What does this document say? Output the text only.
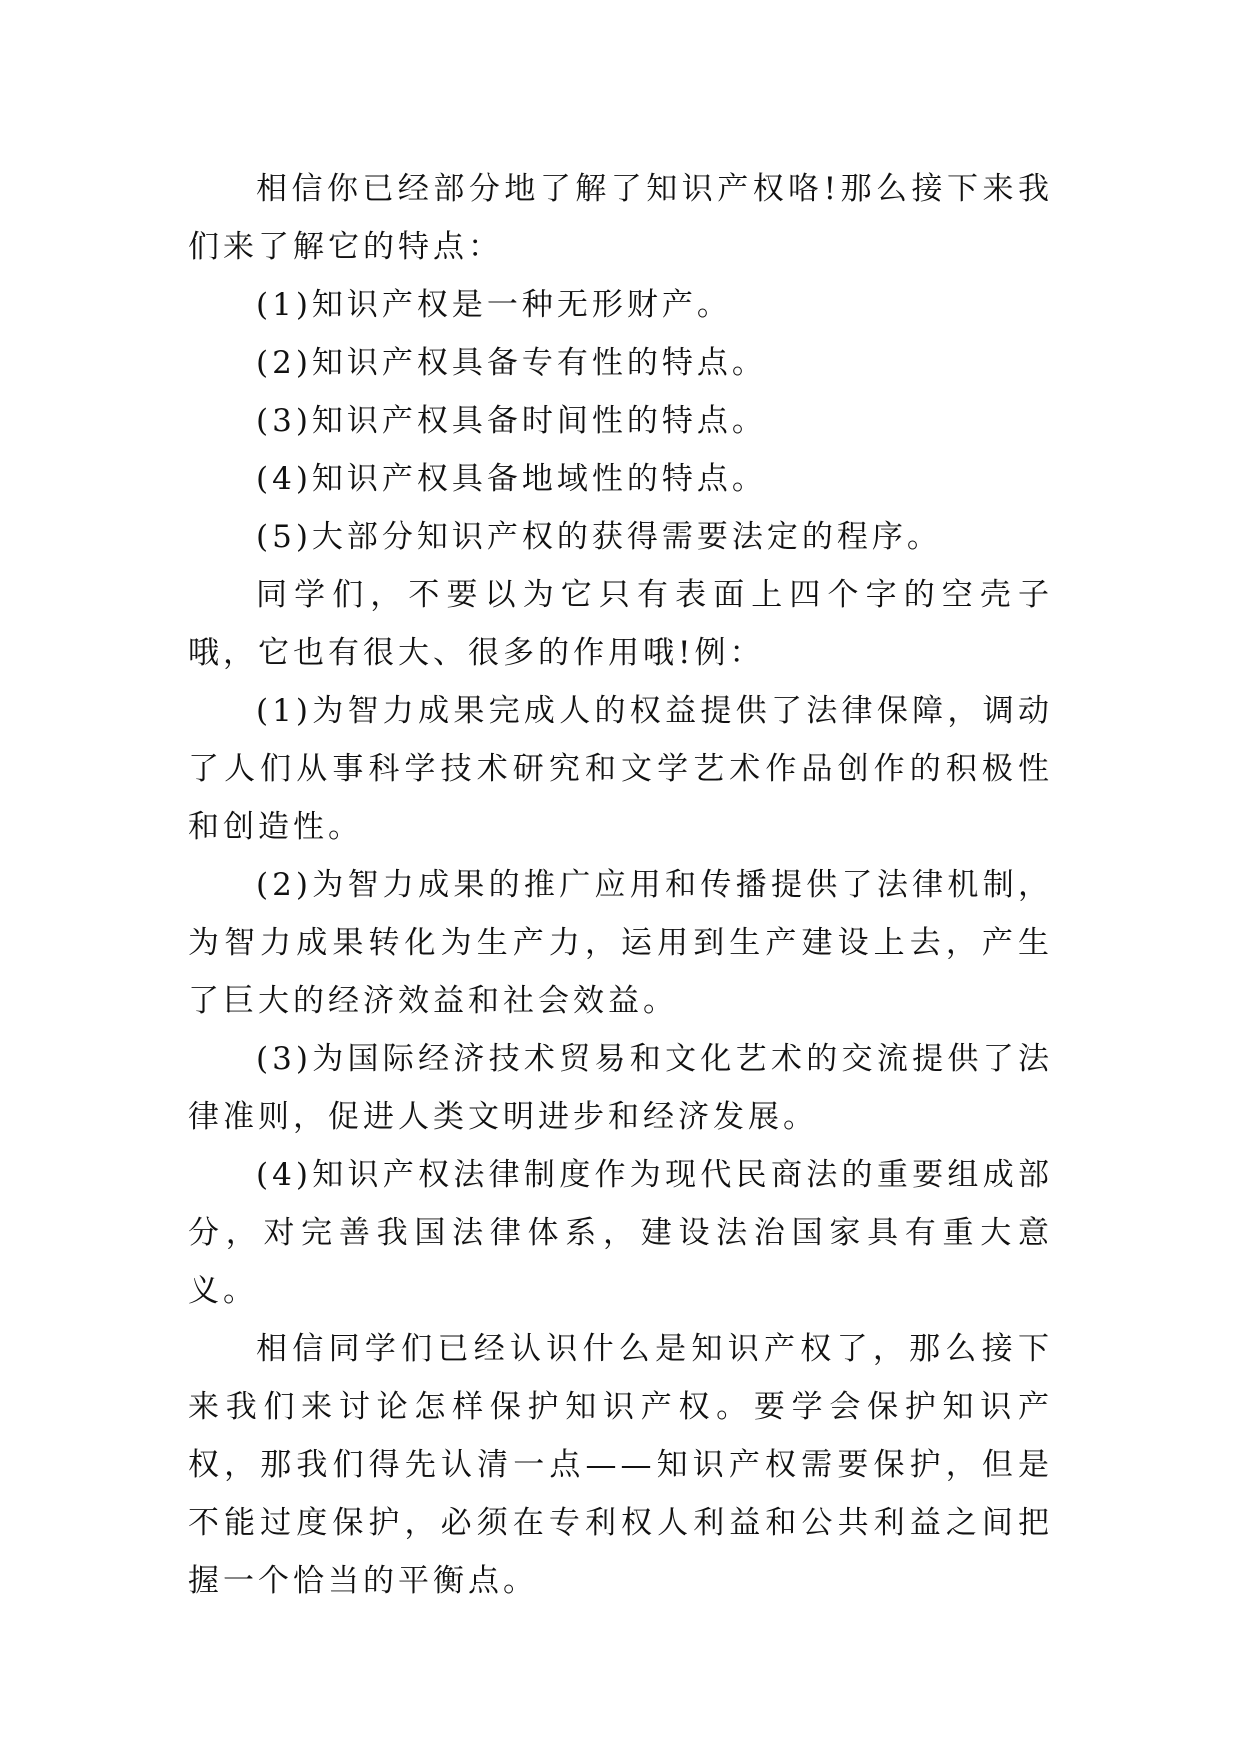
相信你已经部分地了解了知识产权咯!那么接下来我们来了解它的特点：

(1)知识产权是一种无形财产。

(2)知识产权具备专有性的特点。

(3)知识产权具备时间性的特点。

(4)知识产权具备地域性的特点。

(5)大部分知识产权的获得需要法定的程序。

同学们，不要以为它只有表面上四个字的空壳子哦，它也有很大、很多的作用哦!例：

(1)为智力成果完成人的权益提供了法律保障，调动了人们从事科学技术研究和文学艺术作品创作的积极性和创造性。

(2)为智力成果的推广应用和传播提供了法律机制，为智力成果转化为生产力，运用到生产建设上去，产生了巨大的经济效益和社会效益。

(3)为国际经济技术贸易和文化艺术的交流提供了法律准则，促进人类文明进步和经济发展。

(4)知识产权法律制度作为现代民商法的重要组成部分，对完善我国法律体系，建设法治国家具有重大意义。

相信同学们已经认识什么是知识产权了，那么接下来我们来讨论怎样保护知识产权。要学会保护知识产权，那我们得先认清一点——知识产权需要保护，但是不能过度保护，必须在专利权人利益和公共利益之间把握一个恰当的平衡点。
